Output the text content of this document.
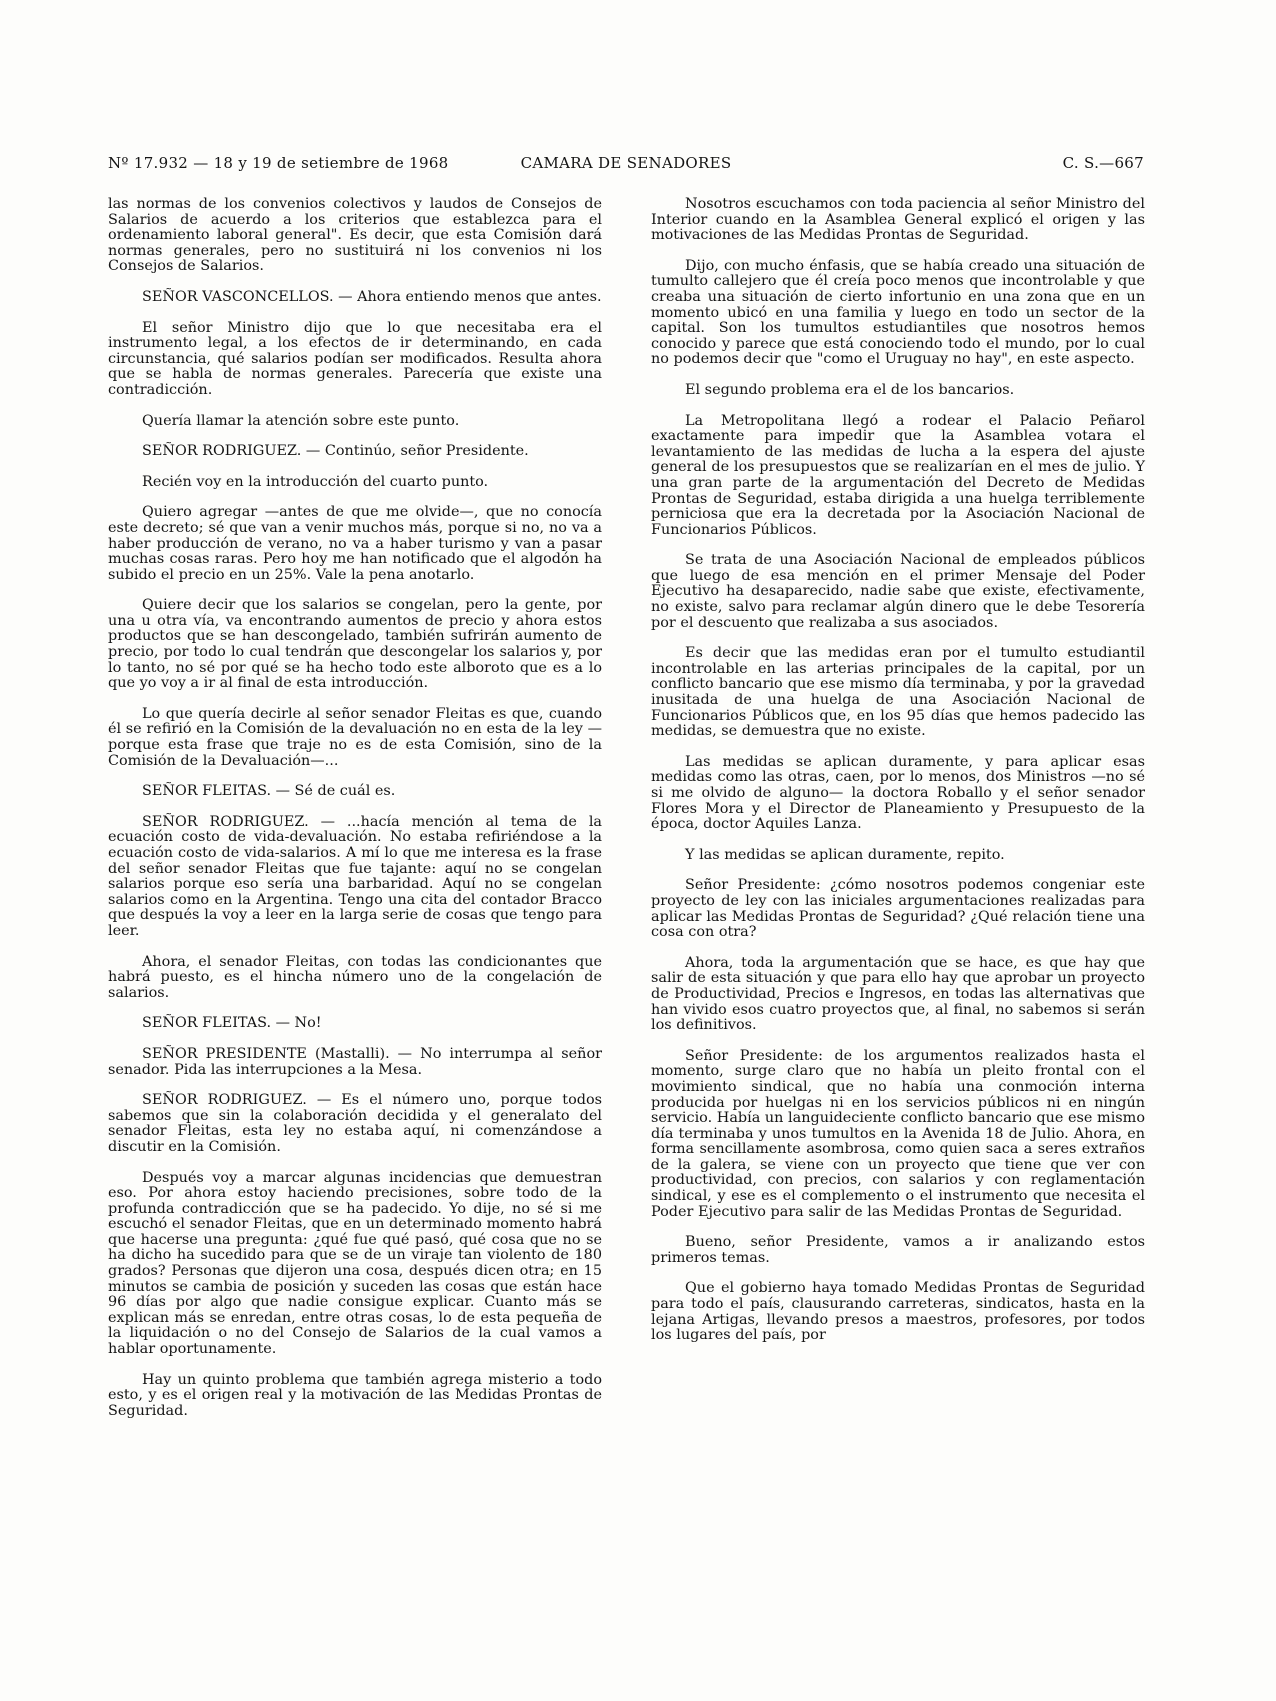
Nº 17.932 — 18 y 19 de setiembre de 1968	CAMARA DE SENADORES	C. S.—667

las normas de los convenios colectivos y laudos de Consejos de Salarios de acuerdo a los criterios que establezca para el ordenamiento laboral general". Es decir, que esta Comisión dará normas generales, pero no sustituirá ni los convenios ni los Consejos de Salarios.

SEÑOR VASCONCELLOS. — Ahora entiendo menos que antes.

El señor Ministro dijo que lo que necesitaba era el instrumento legal, a los efectos de ir determinando, en cada circunstancia, qué salarios podían ser modificados. Resulta ahora que se habla de normas generales. Parecería que existe una contradicción.

Quería llamar la atención sobre este punto.

SEÑOR RODRIGUEZ. — Continúo, señor Presidente.

Recién voy en la introducción del cuarto punto.

Quiero agregar —antes de que me olvide—, que no conocía este decreto; sé que van a venir muchos más, porque si no, no va a haber producción de verano, no va a haber turismo y van a pasar muchas cosas raras. Pero hoy me han notificado que el algodón ha subido el precio en un 25%. Vale la pena anotarlo.

Quiere decir que los salarios se congelan, pero la gente, por una u otra vía, va encontrando aumentos de precio y ahora estos productos que se han descongelado, también sufrirán aumento de precio, por todo lo cual tendrán que descongelar los salarios y, por lo tanto, no sé por qué se ha hecho todo este alboroto que es a lo que yo voy a ir al final de esta introducción.

Lo que quería decirle al señor senador Fleitas es que, cuando él se refirió en la Comisión de la devaluación no en esta de la ley —porque esta frase que traje no es de esta Comisión, sino de la Comisión de la Devaluación—...

SEÑOR FLEITAS. — Sé de cuál es.

SEÑOR RODRIGUEZ. — ...hacía mención al tema de la ecuación costo de vida-devaluación. No estaba refiriéndose a la ecuación costo de vida-salarios. A mí lo que me interesa es la frase del señor senador Fleitas que fue tajante: aquí no se congelan salarios porque eso sería una barbaridad. Aquí no se congelan salarios como en la Argentina. Tengo una cita del contador Bracco que después la voy a leer en la larga serie de cosas que tengo para leer.

Ahora, el senador Fleitas, con todas las condicionantes que habrá puesto, es el hincha número uno de la congelación de salarios.

SEÑOR FLEITAS. — No!

SEÑOR PRESIDENTE (Mastalli). — No interrumpa al señor senador. Pida las interrupciones a la Mesa.

SEÑOR RODRIGUEZ. — Es el número uno, porque todos sabemos que sin la colaboración decidida y el generalato del senador Fleitas, esta ley no estaba aquí, ni comenzándose a discutir en la Comisión.

Después voy a marcar algunas incidencias que demuestran eso. Por ahora estoy haciendo precisiones, sobre todo de la profunda contradicción que se ha padecido. Yo dije, no sé si me escuchó el senador Fleitas, que en un determinado momento habrá que hacerse una pregunta: ¿qué fue qué pasó, qué cosa que no se ha dicho ha sucedido para que se de un viraje tan violento de 180 grados? Personas que dijeron una cosa, después dicen otra; en 15 minutos se cambia de posición y suceden las cosas que están hace 96 días por algo que nadie consigue explicar. Cuanto más se explican más se enredan, entre otras cosas, lo de esta pequeña de la liquidación o no del Consejo de Salarios de la cual vamos a hablar oportunamente.

Hay un quinto problema que también agrega misterio a todo esto, y es el origen real y la motivación de las Medidas Prontas de Seguridad.

Nosotros escuchamos con toda paciencia al señor Ministro del Interior cuando en la Asamblea General explicó el origen y las motivaciones de las Medidas Prontas de Seguridad.

Dijo, con mucho énfasis, que se había creado una situación de tumulto callejero que él creía poco menos que incontrolable y que creaba una situación de cierto infortunio en una zona que en un momento ubicó en una familia y luego en todo un sector de la capital. Son los tumultos estudiantiles que nosotros hemos conocido y parece que está conociendo todo el mundo, por lo cual no podemos decir que "como el Uruguay no hay", en este aspecto.

El segundo problema era el de los bancarios.

La Metropolitana llegó a rodear el Palacio Peñarol exactamente para impedir que la Asamblea votara el levantamiento de las medidas de lucha a la espera del ajuste general de los presupuestos que se realizarían en el mes de julio. Y una gran parte de la argumentación del Decreto de Medidas Prontas de Seguridad, estaba dirigida a una huelga terriblemente perniciosa que era la decretada por la Asociación Nacional de Funcionarios Públicos.

Se trata de una Asociación Nacional de empleados públicos que luego de esa mención en el primer Mensaje del Poder Ejecutivo ha desaparecido, nadie sabe que existe, efectivamente, no existe, salvo para reclamar algún dinero que le debe Tesorería por el descuento que realizaba a sus asociados.

Es decir que las medidas eran por el tumulto estudiantil incontrolable en las arterias principales de la capital, por un conflicto bancario que ese mismo día terminaba, y por la gravedad inusitada de una huelga de una Asociación Nacional de Funcionarios Públicos que, en los 95 días que hemos padecido las medidas, se demuestra que no existe.

Las medidas se aplican duramente, y para aplicar esas medidas como las otras, caen, por lo menos, dos Ministros —no sé si me olvido de alguno— la doctora Roballo y el señor senador Flores Mora y el Director de Planeamiento y Presupuesto de la época, doctor Aquiles Lanza.

Y las medidas se aplican duramente, repito.

Señor Presidente: ¿cómo nosotros podemos congeniar este proyecto de ley con las iniciales argumentaciones realizadas para aplicar las Medidas Prontas de Seguridad? ¿Qué relación tiene una cosa con otra?

Ahora, toda la argumentación que se hace, es que hay que salir de esta situación y que para ello hay que aprobar un proyecto de Productividad, Precios e Ingresos, en todas las alternativas que han vivido esos cuatro proyectos que, al final, no sabemos si serán los definitivos.

Señor Presidente: de los argumentos realizados hasta el momento, surge claro que no había un pleito frontal con el movimiento sindical, que no había una conmoción interna producida por huelgas ni en los servicios públicos ni en ningún servicio. Había un languideciente conflicto bancario que ese mismo día terminaba y unos tumultos en la Avenida 18 de Julio. Ahora, en forma sencillamente asombrosa, como quien saca a seres extraños de la galera, se viene con un proyecto que tiene que ver con productividad, con precios, con salarios y con reglamentación sindical, y ese es el complemento o el instrumento que necesita el Poder Ejecutivo para salir de las Medidas Prontas de Seguridad.

Bueno, señor Presidente, vamos a ir analizando estos primeros temas.

Que el gobierno haya tomado Medidas Prontas de Seguridad para todo el país, clausurando carreteras, sindicatos, hasta en la lejana Artigas, llevando presos a maestros, profesores, por todos los lugares del país, por
